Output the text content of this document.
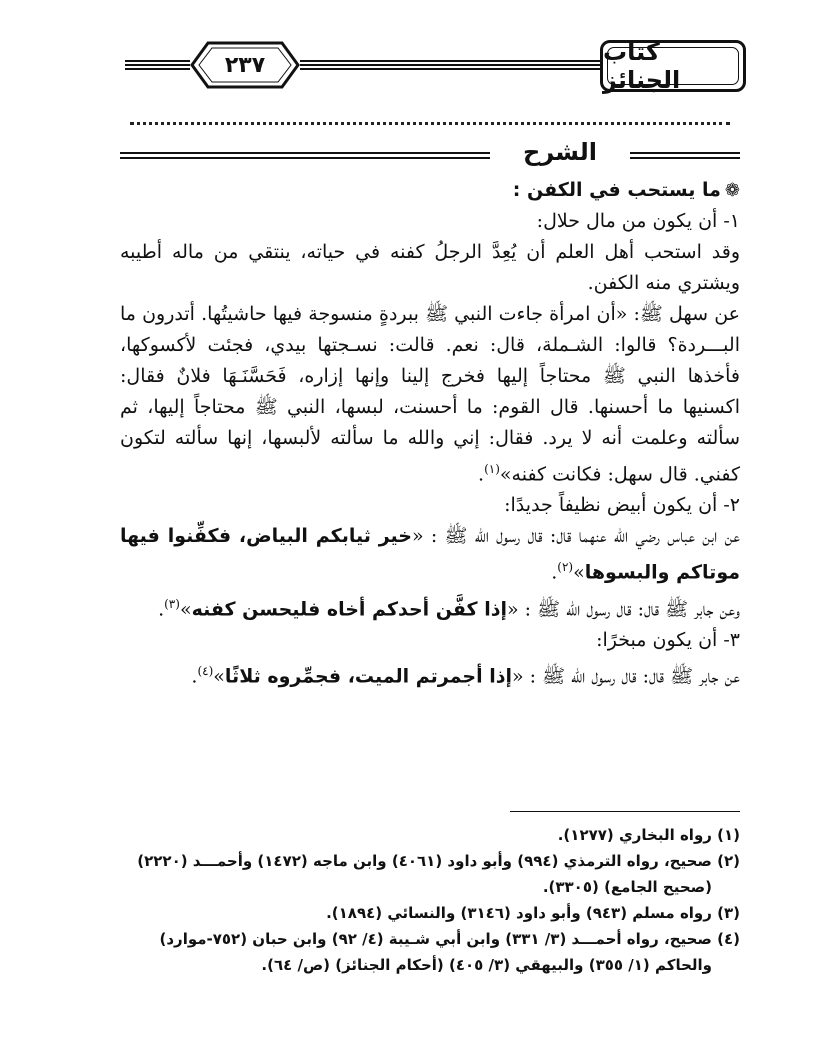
٢٣٧	كتاب الجنائز
الشرح

❁ما يستحب في الكفن :

١- أن يكون من مال حلال:

وقد استحب أهل العلم أن يُعِدَّ الرجلُ كفنه في حياته، ينتقي من ماله أطيبه ويشتري منه الكفن.

عن سهل ﷺ: «أن امرأة جاءت النبي ﷺ ببردةٍ منسوجة فيها حاشيتُها. أتدرون ما البـــردة؟ قالوا: الشـملة، قال: نعم. قالت: نسـجتها بيدي، فجئت لأكسوكها، فأخذها النبي ﷺ محتاجاً إليها فخرج إلينا وإنها إزاره، فَحَسَّنَـهَا فلانٌ فقال: اكسنيها ما أحسنها. قال القوم: ما أحسنت، لبسها، النبي ﷺ محتاجاً إليها، ثم سألته وعلمت أنه لا يرد. فقال: إني والله ما سألته لألبسها، إنها سألته لتكون كفني. قال سهل: فكانت كفنه»$^{(١)}$.

٢- أن يكون أبيض نظيفاً جديدًا:

عن ابن عباس رضي الله عنهما قال: قال رسول الله ﷺ : «خير ثيابكم البياض، فكفِّنوا فيها موتاكم والبسوها»$^{(٢)}$.

وعن جابر ﷺ قال: قال رسول الله ﷺ : «إذا كفَّن أحدكم أخاه فليحسن كفنه»$^{(٣)}$.

٣- أن يكون مبخرًا:

عن جابر ﷺ قال: قال رسول الله ﷺ : «إذا أجمرتم الميت، فجمِّروه ثلاثًا»$^{(٤)}$.

(١) رواه البخاري (١٢٧٧).

(٢) صحيح، رواه الترمذي (٩٩٤) وأبو داود (٤٠٦١) وابن ماجه (١٤٧٢) وأحمـــد (٢٢٢٠)

(صحيح الجامع) (٣٣٠٥).

(٣) رواه مسلم (٩٤٣) وأبو داود (٣١٤٦) والنسائي (١٨٩٤).

(٤) صحيح، رواه أحمـــد (٣/ ٣٣١) وابن أبي شـيبة (٤/ ٩٢) وابن حبان (٧٥٢-موارد)

والحاكم (١/ ٣٥٥) والبيهقي (٣/ ٤٠٥) (أحكام الجنائز) (ص/ ٦٤).
